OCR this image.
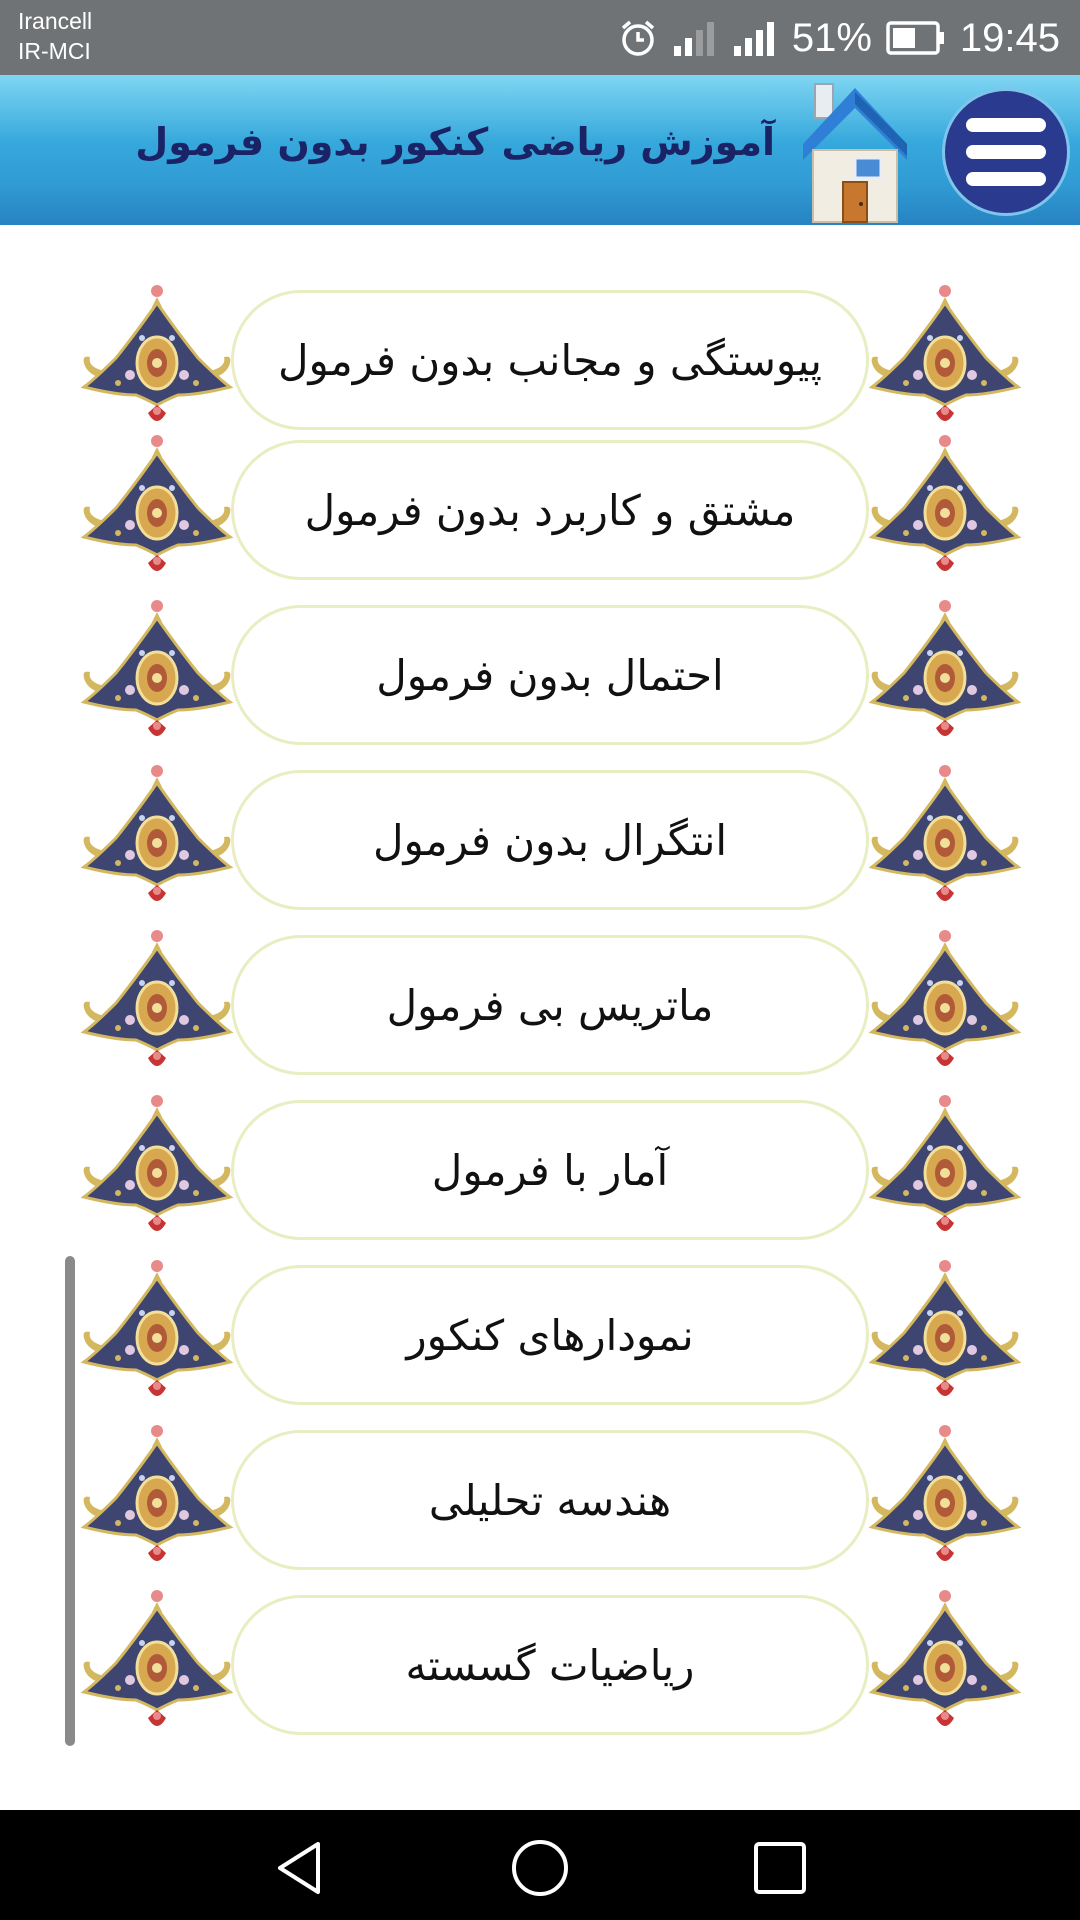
Irancell
IR-MCI	51% 19:45
آموزش ریاضی کنکور بدون فرمول
پیوستگی و مجانب بدون فرمول
مشتق و کاربرد بدون فرمول
احتمال بدون فرمول
انتگرال بدون فرمول
ماتریس بی فرمول
آمار با فرمول
نمودارهای کنکور
هندسه تحلیلی
ریاضیات گسسته
